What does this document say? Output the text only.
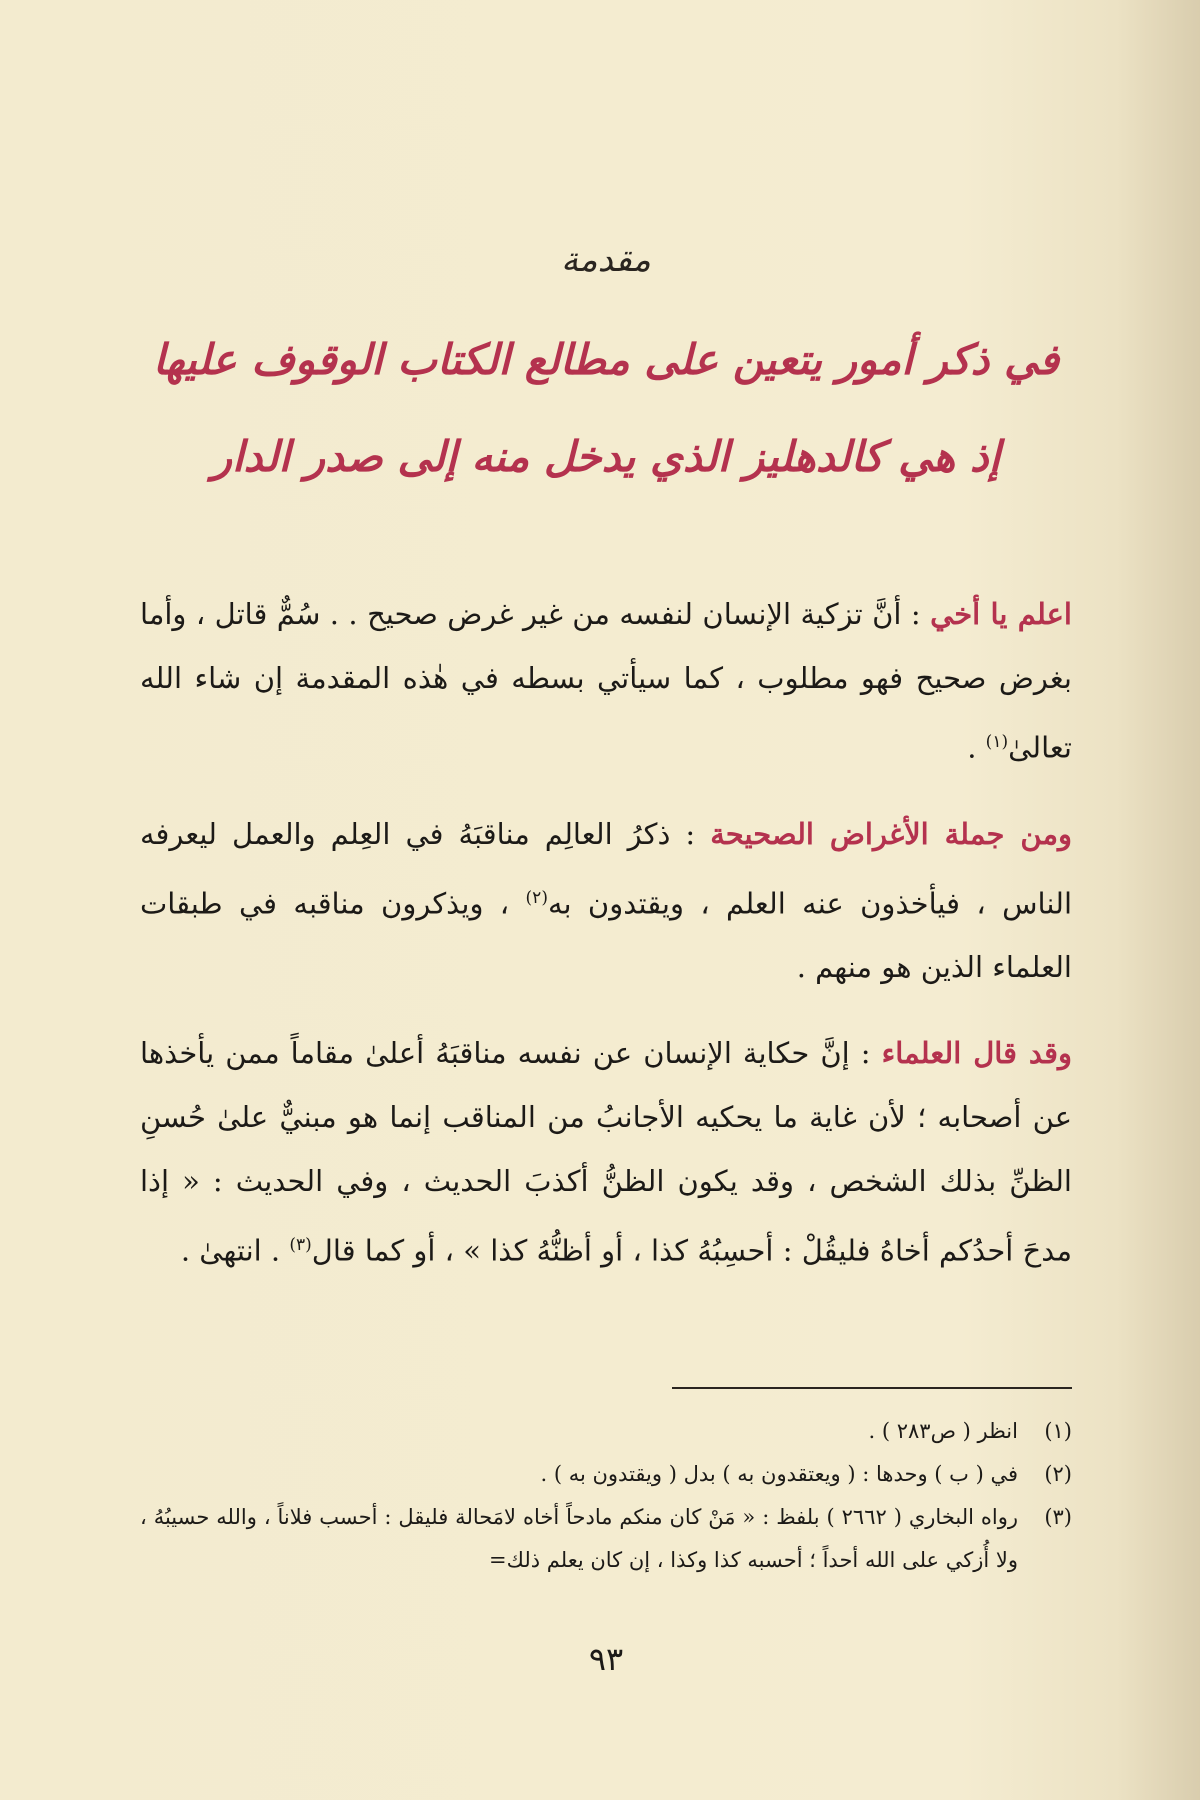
مقدمة
في ذكر أمور يتعين على مطالع الكتاب الوقوف عليها
إذ هي كالدهليز الذي يدخل منه إلى صدر الدار

اعلم يا أخي : أنَّ تزكية الإنسان لنفسه من غير غرض صحيح . . سُمٌّ قاتل ، وأما بغرض صحيح فهو مطلوب ، كما سيأتي بسطه في هٰذه المقدمة إن شاء الله تعالىٰ$^{(١)}$ .

ومن جملة الأغراض الصحيحة : ذكرُ العالِم مناقبَهُ في العِلم والعمل ليعرفه الناس ، فيأخذون عنه العلم ، ويقتدون به$^{(٢)}$ ، ويذكرون مناقبه في طبقات العلماء الذين هو منهم .

وقد قال العلماء : إنَّ حكاية الإنسان عن نفسه مناقبَهُ أعلىٰ مقاماً ممن يأخذها عن أصحابه ؛ لأن غاية ما يحكيه الأجانبُ من المناقب إنما هو مبنيٌّ علىٰ حُسنِ الظنِّ بذلك الشخص ، وقد يكون الظنُّ أكذبَ الحديث ، وفي الحديث : « إذا مدحَ أحدُكم أخاهُ فليقُلْ : أحسِبُهُ كذا ، أو أظنُّهُ كذا » ، أو كما قال$^{(٣)}$ . انتهىٰ .

(١)
انظر ( ص٢٨٣ ) .
(٢)
في ( ب ) وحدها : ( ويعتقدون به ) بدل ( ويقتدون به ) .
(٣)
رواه البخاري ( ٢٦٦٢ ) بلفظ : « مَنْ كان منكم مادحاً أخاه لامَحالة فليقل : أحسب فلاناً ، والله حسيبُهُ ، ولا أُزكي على الله أحداً ؛ أحسبه كذا وكذا ، إن كان يعلم ذلك=
٩٣
